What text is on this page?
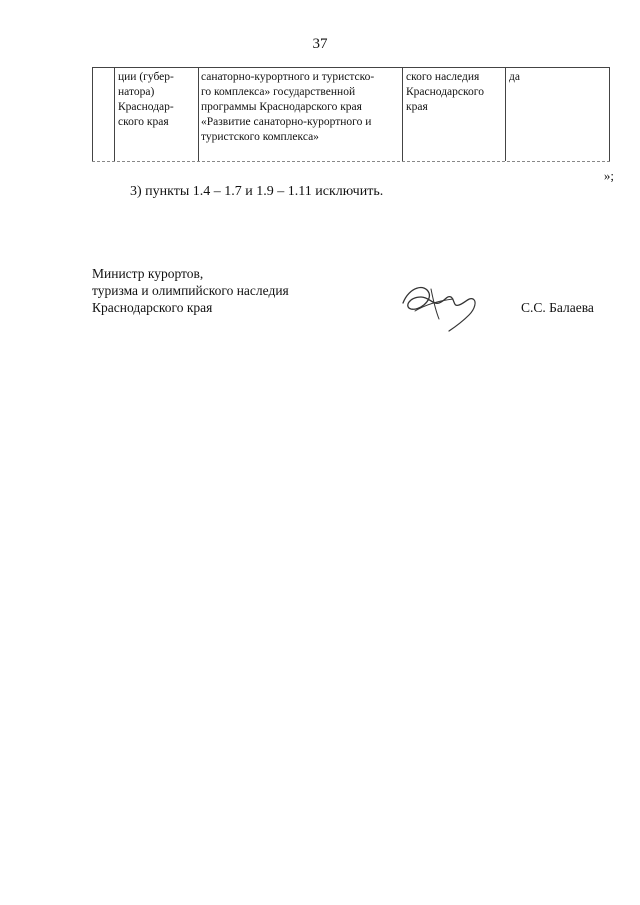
37
ции (губер-
натора)
Краснодар-
ского края
санаторно-курортного и туристско-
го комплекса» государственной
программы Краснодарского края
«Развитие санаторно-курортного и
туристского комплекса»
ского наследия
Краснодарского
края
да
»;
3) пункты 1.4 – 1.7 и 1.9 – 1.11 исключить.
Министр курортов,
туризма и олимпийского наследия
Краснодарского края	С.С. Балаева
